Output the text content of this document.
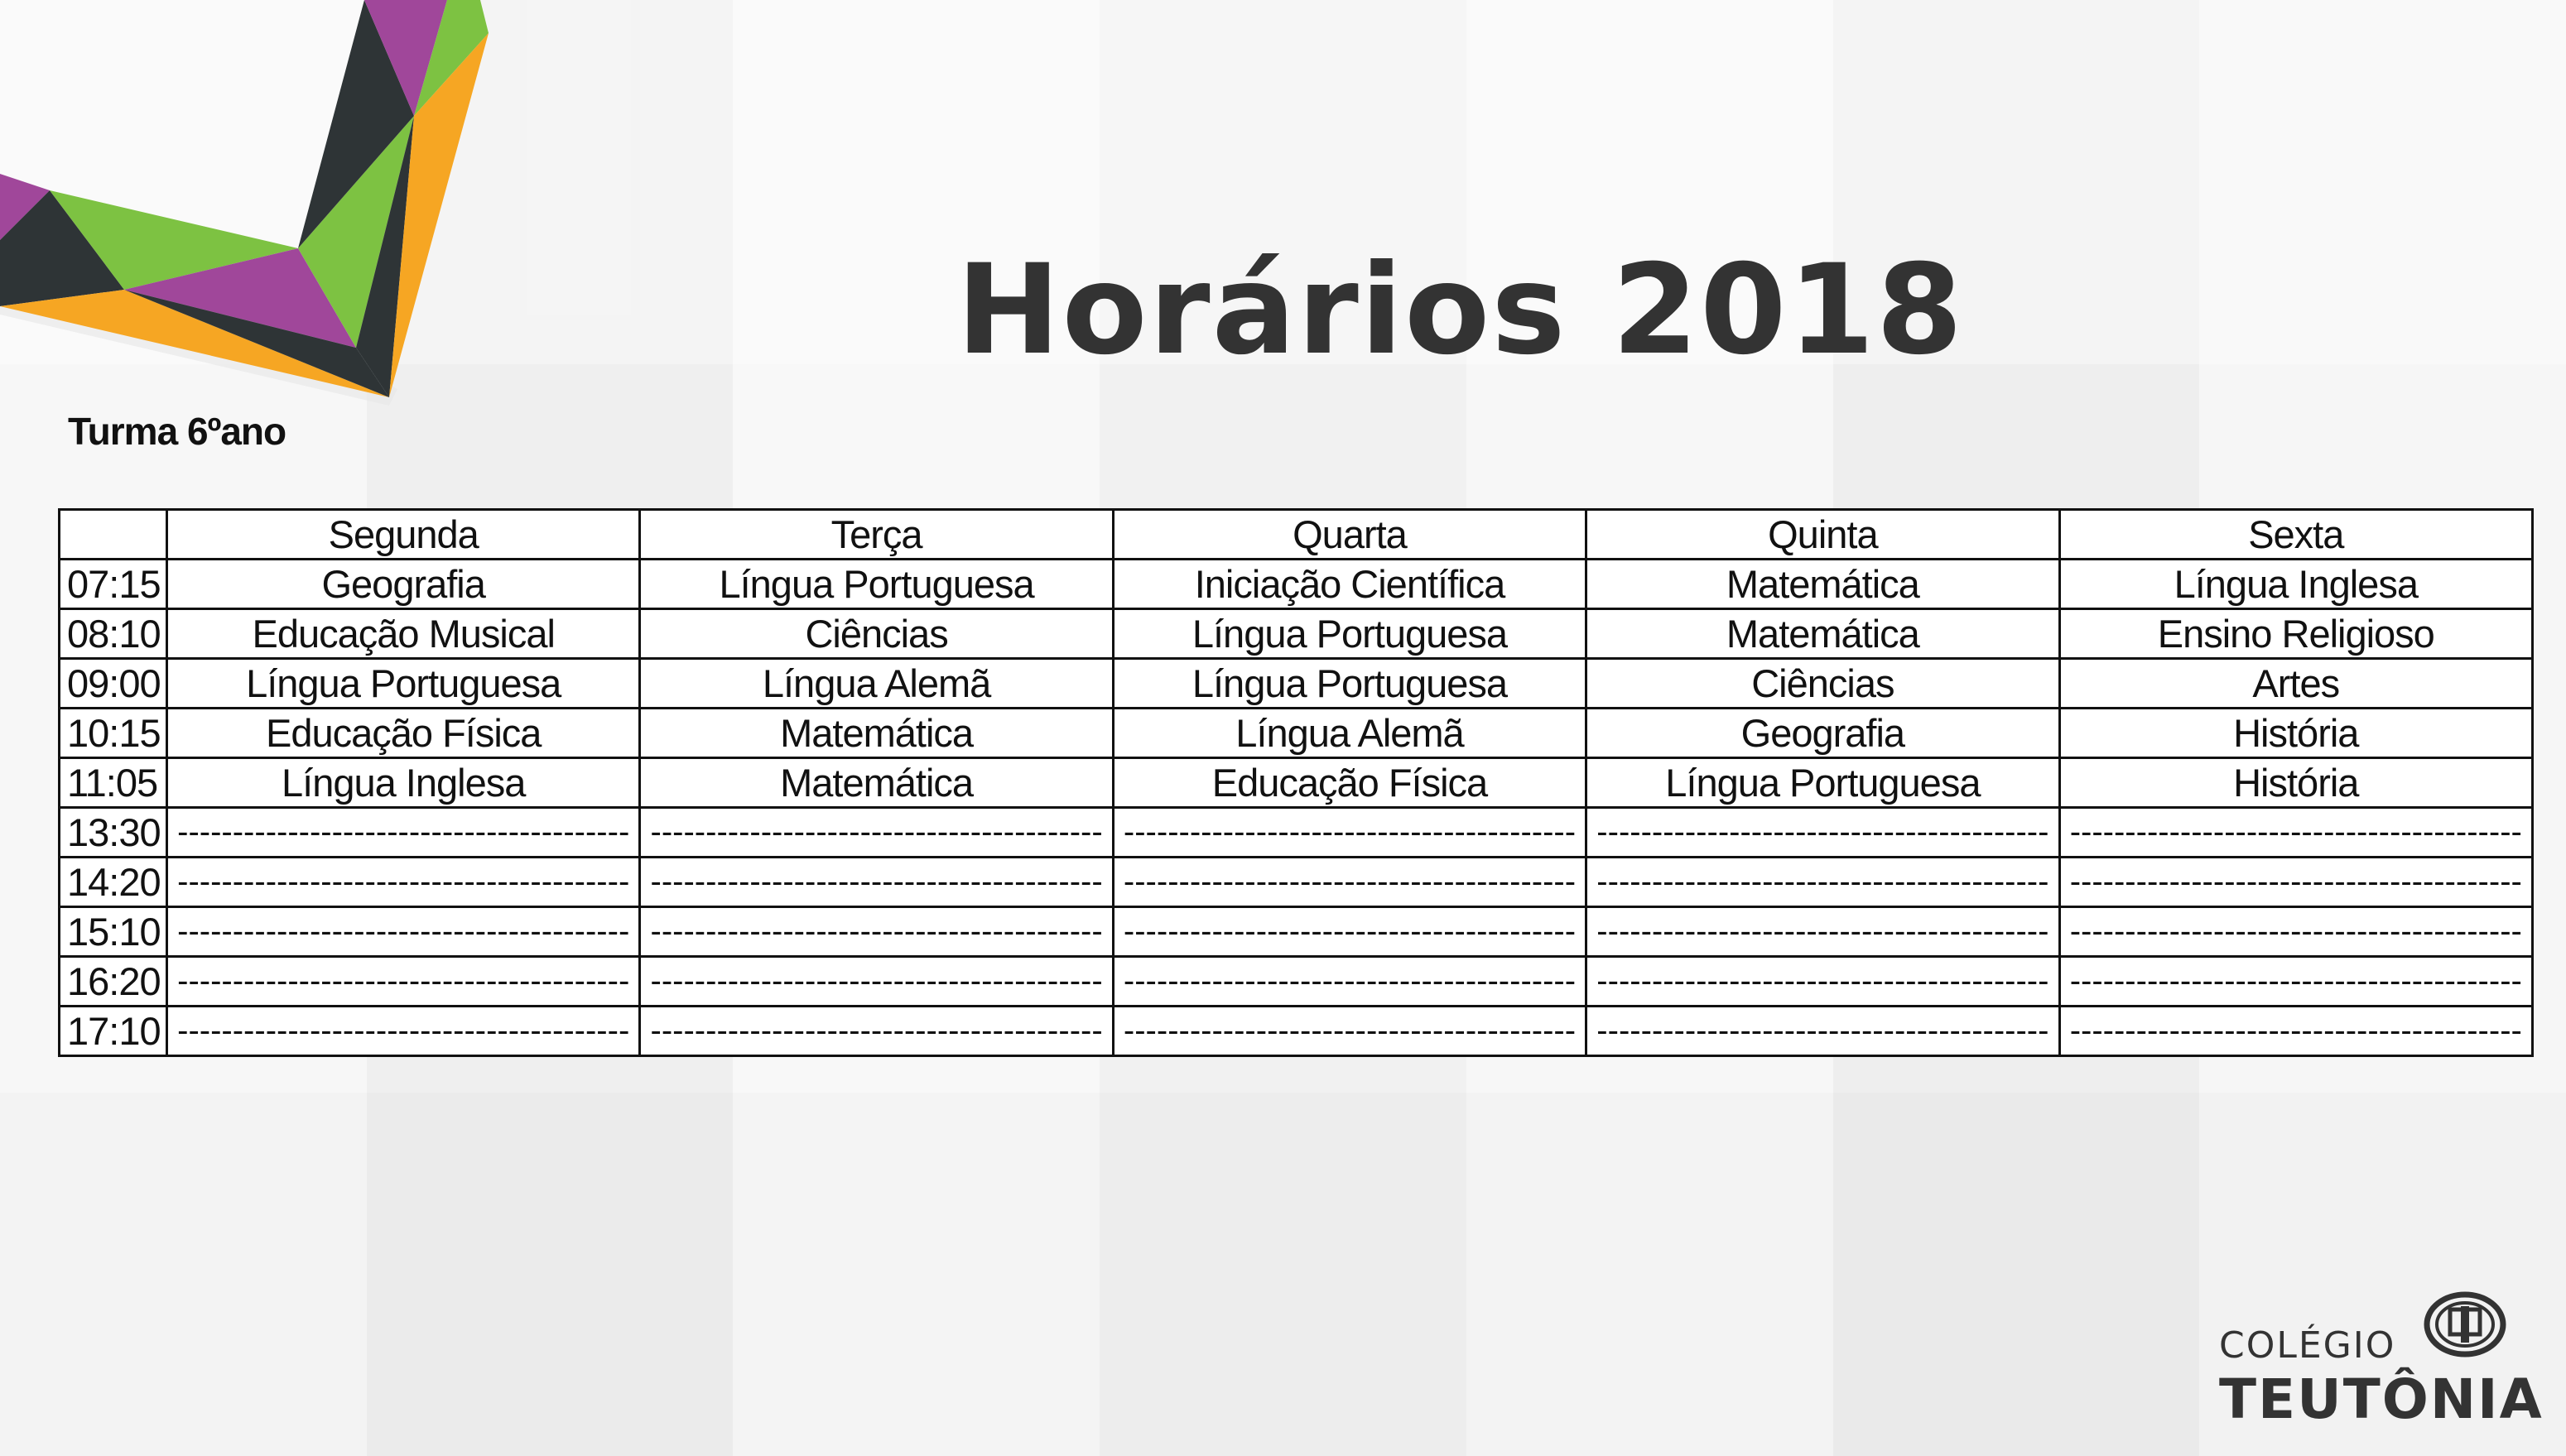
Horários 2018
Turma 6ºano
	Segunda	Terça	Quarta	Quinta	Sexta
07:15	Geografia	Língua Portuguesa	Iniciação Científica	Matemática	Língua Inglesa
08:10	Educação Musical	Ciências	Língua Portuguesa	Matemática	Ensino Religioso
09:00	Língua Portuguesa	Língua Alemã	Língua Portuguesa	Ciências	Artes
10:15	Educação Física	Matemática	Língua Alemã	Geografia	História
11:05	Língua Inglesa	Matemática	Educação Física	Língua Portuguesa	História
13:30	-----------------------------------------	-----------------------------------------	-----------------------------------------	-----------------------------------------	-----------------------------------------
14:20	-----------------------------------------	-----------------------------------------	-----------------------------------------	-----------------------------------------	-----------------------------------------
15:10	-----------------------------------------	-----------------------------------------	-----------------------------------------	-----------------------------------------	-----------------------------------------
16:20	-----------------------------------------	-----------------------------------------	-----------------------------------------	-----------------------------------------	-----------------------------------------
17:10	-----------------------------------------	-----------------------------------------	-----------------------------------------	-----------------------------------------	-----------------------------------------
COLÉGIO
TEUTÔNIA
